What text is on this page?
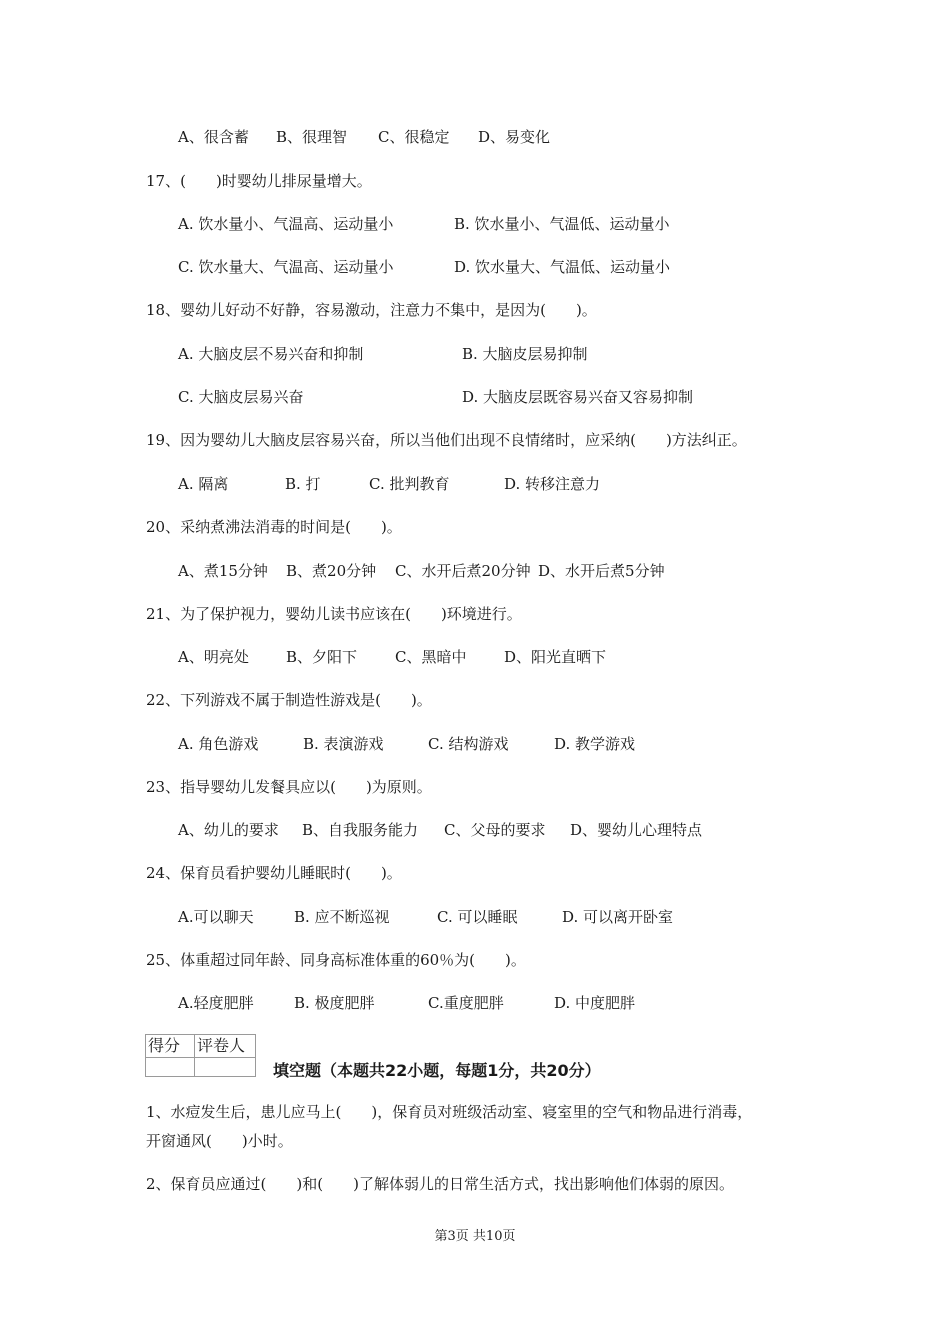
A、很含蓄

B、很理智

C、很稳定

D、易变化

17、(　　)时婴幼儿排尿量增大。

A. 饮水量小、气温高、运动量小

	B. 饮水量小、气温低、运动量小

C. 饮水量大、气温高、运动量小

	D. 饮水量大、气温低、运动量小

18、婴幼儿好动不好静，容易激动，注意力不集中，是因为(　　)。

A. 大脑皮层不易兴奋和抑制

	B. 大脑皮层易抑制

C. 大脑皮层易兴奋

	D. 大脑皮层既容易兴奋又容易抑制

19、因为婴幼儿大脑皮层容易兴奋，所以当他们出现不良情绪时，应采纳(　　)方法纠正。

A. 隔离

	B. 打

	C. 批判教育

	D. 转移注意力

20、采纳煮沸法消毒的时间是(　　)。

A、煮15分钟

B、煮20分钟

C、水开后煮20分钟

D、水开后煮5分钟

21、为了保护视力，婴幼儿读书应该在(　　)环境进行。

A、明亮处

B、夕阳下

	C、黑暗中

	D、阳光直晒下

22、下列游戏不属于制造性游戏是(　　)。

A. 角色游戏

	B. 表演游戏

	C. 结构游戏

	D. 教学游戏

23、指导婴幼儿发餐具应以(　　)为原则。

A、幼儿的要求

B、自我服务能力

C、父母的要求

D、婴幼儿心理特点

24、保育员看护婴幼儿睡眠时(　　)。

A.可以聊天

	B. 应不断巡视

	C. 可以睡眠

	D. 可以离开卧室

25、体重超过同年龄、同身高标准体重的60％为(　　)。

A.轻度肥胖

	B. 极度肥胖

	C.重度肥胖

	D. 中度肥胖

得分	评卷人

填空题（本题共22小题，每题1分，共20分）
1、水痘发生后，患儿应马上(　　)，保育员对班级活动室、寝室里的空气和物品进行消毒，
开窗通风(　　)小时。
2、保育员应通过(　　)和(　　)了解体弱儿的日常生活方式，找出影响他们体弱的原因。
第3页 共10页
